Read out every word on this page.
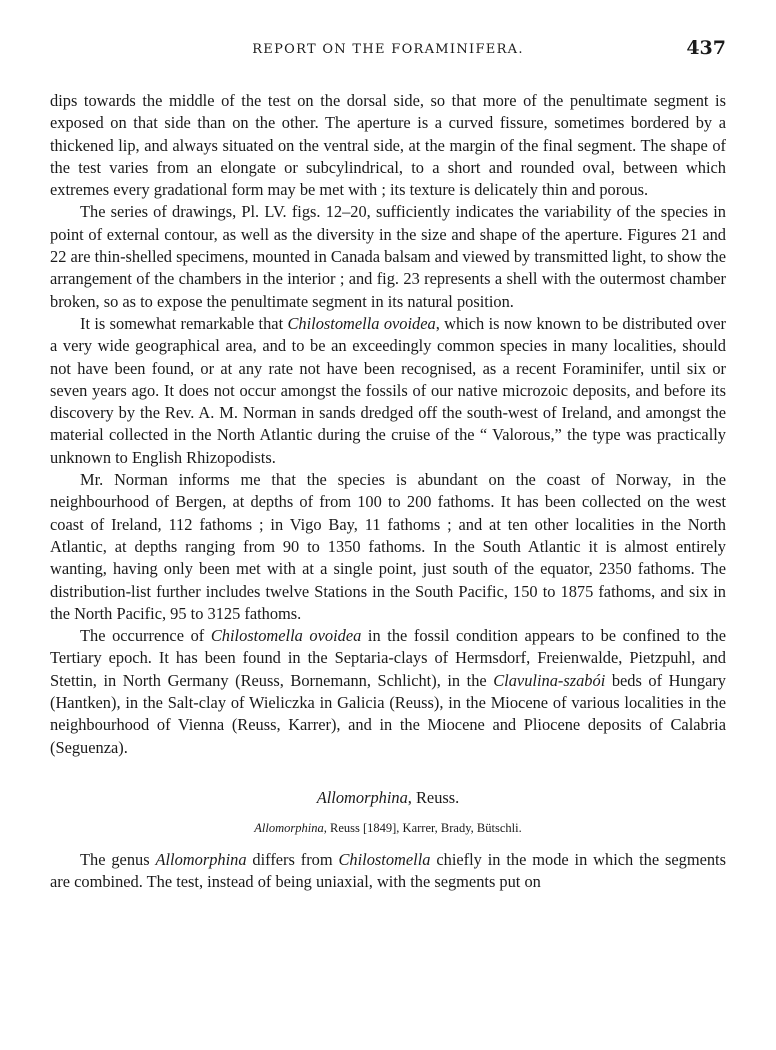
REPORT ON THE FORAMINIFERA.	437

dips towards the middle of the test on the dorsal side, so that more of the penultimate segment is exposed on that side than on the other. The aperture is a curved fissure, sometimes bordered by a thickened lip, and always situated on the ventral side, at the margin of the final segment. The shape of the test varies from an elongate or subcylindrical, to a short and rounded oval, between which extremes every gradational form may be met with ; its texture is delicately thin and porous.

The series of drawings, Pl. LV. figs. 12–20, sufficiently indicates the variability of the species in point of external contour, as well as the diversity in the size and shape of the aperture. Figures 21 and 22 are thin-shelled specimens, mounted in Canada balsam and viewed by transmitted light, to show the arrangement of the chambers in the interior ; and fig. 23 represents a shell with the outermost chamber broken, so as to expose the penultimate segment in its natural position.

It is somewhat remarkable that Chilostomella ovoidea, which is now known to be distributed over a very wide geographical area, and to be an exceedingly common species in many localities, should not have been found, or at any rate not have been recognised, as a recent Foraminifer, until six or seven years ago. It does not occur amongst the fossils of our native microzoic deposits, and before its discovery by the Rev. A. M. Norman in sands dredged off the south-west of Ireland, and amongst the material collected in the North Atlantic during the cruise of the “ Valorous,” the type was practically unknown to English Rhizopodists.

Mr. Norman informs me that the species is abundant on the coast of Norway, in the neighbourhood of Bergen, at depths of from 100 to 200 fathoms. It has been collected on the west coast of Ireland, 112 fathoms ; in Vigo Bay, 11 fathoms ; and at ten other localities in the North Atlantic, at depths ranging from 90 to 1350 fathoms. In the South Atlantic it is almost entirely wanting, having only been met with at a single point, just south of the equator, 2350 fathoms. The distribution-list further includes twelve Stations in the South Pacific, 150 to 1875 fathoms, and six in the North Pacific, 95 to 3125 fathoms.

The occurrence of Chilostomella ovoidea in the fossil condition appears to be confined to the Tertiary epoch. It has been found in the Septaria-clays of Hermsdorf, Freienwalde, Pietzpuhl, and Stettin, in North Germany (Reuss, Bornemann, Schlicht), in the Clavulina-szabói beds of Hungary (Hantken), in the Salt-clay of Wieliczka in Galicia (Reuss), in the Miocene of various localities in the neighbourhood of Vienna (Reuss, Karrer), and in the Miocene and Pliocene deposits of Calabria (Seguenza).

Allomorphina, Reuss.
Allomorphina, Reuss [1849], Karrer, Brady, Bütschli.

The genus Allomorphina differs from Chilostomella chiefly in the mode in which the segments are combined. The test, instead of being uniaxial, with the segments put on
